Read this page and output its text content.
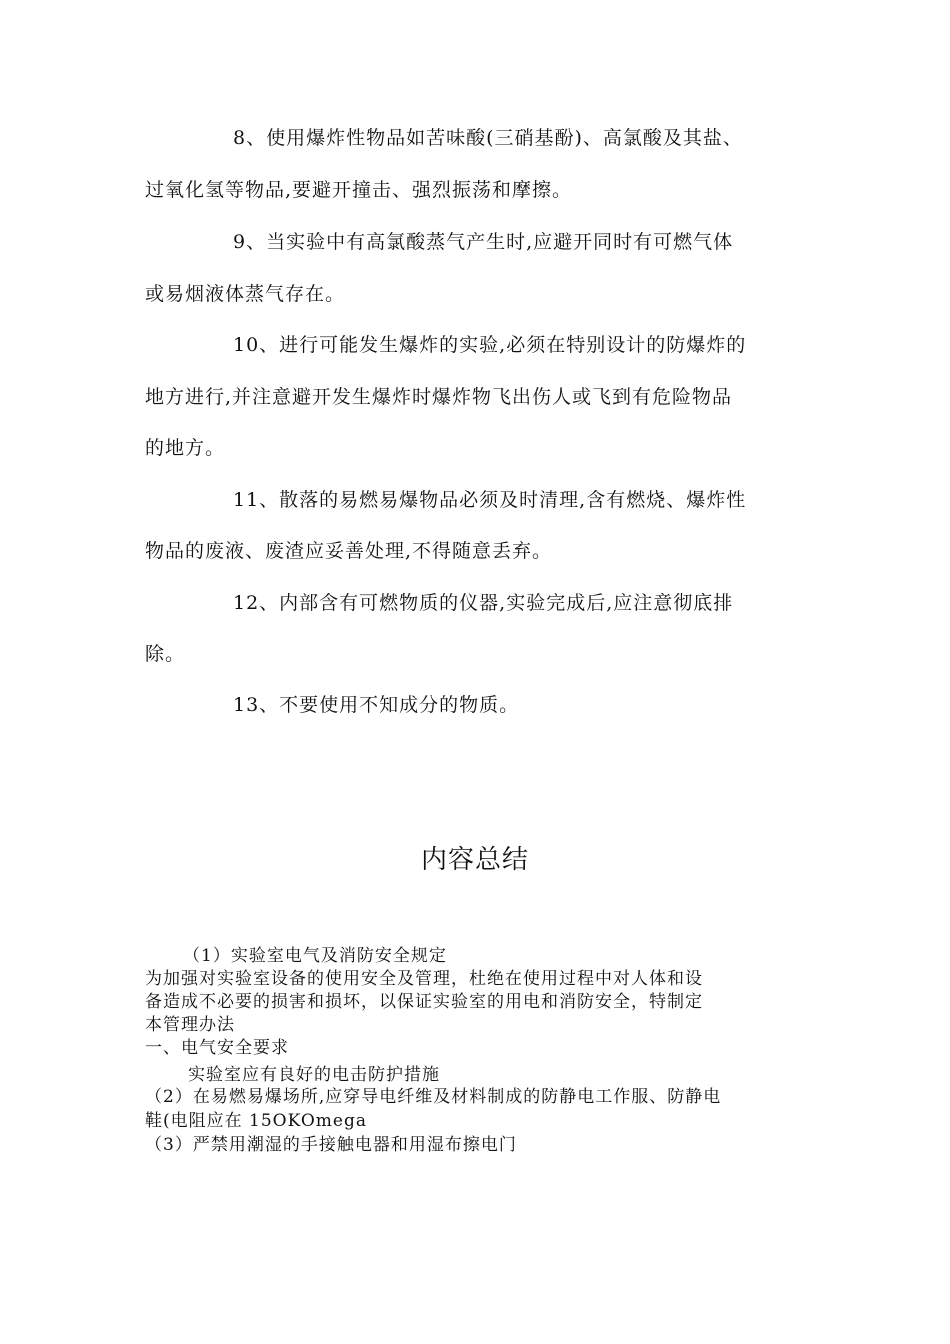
8、使用爆炸性物品如苦味酸(三硝基酚)、高氯酸及其盐、
过氧化氢等物品,要避开撞击、强烈振荡和摩擦。
9、当实验中有高氯酸蒸气产生时,应避开同时有可燃气体
或易烟液体蒸气存在。
10、进行可能发生爆炸的实验,必须在特别设计的防爆炸的
地方进行,并注意避开发生爆炸时爆炸物飞出伤人或飞到有危险物品
的地方。
11、散落的易燃易爆物品必须及时清理,含有燃烧、爆炸性
物品的废液、废渣应妥善处理,不得随意丢弃。
12、内部含有可燃物质的仪器,实验完成后,应注意彻底排
除。
13、不要使用不知成分的物质。
内容总结
（1）实验室电气及消防安全规定
为加强对实验室设备的使用安全及管理，杜绝在使用过程中对人体和设
备造成不必要的损害和损坏，以保证实验室的用电和消防安全，特制定
本管理办法
一、电气安全要求
实验室应有良好的电击防护措施
（2）在易燃易爆场所,应穿导电纤维及材料制成的防静电工作服、防静电
鞋(电阻应在 15OKOmega
（3）严禁用潮湿的手接触电器和用湿布擦电门
